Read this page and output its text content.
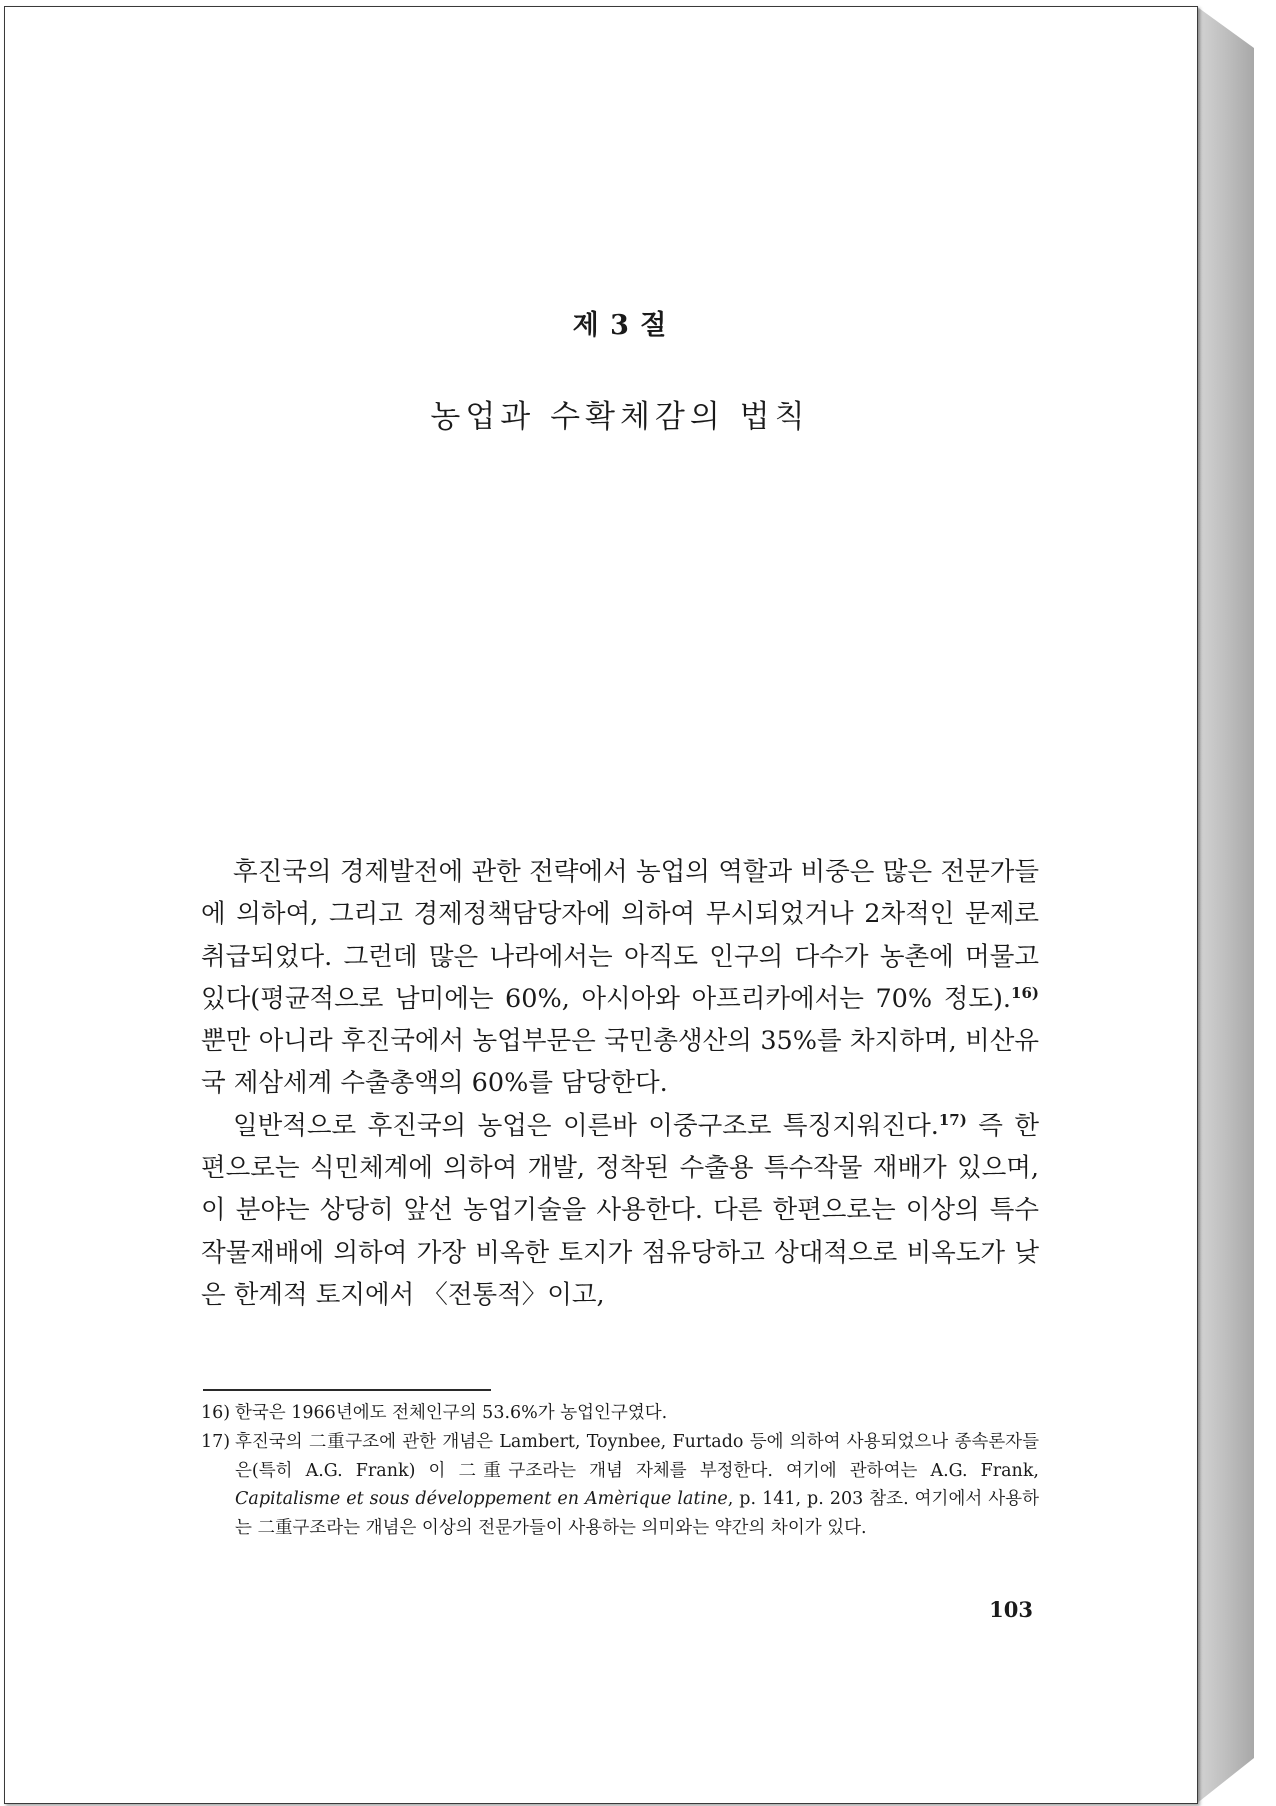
제 3 절
농업과 수확체감의 법칙

후진국의 경제발전에 관한 전략에서 농업의 역할과 비중은 많은 전문가들에 의하여, 그리고 경제정책담당자에 의하여 무시되었거나 2차적인 문제로 취급되었다. 그런데 많은 나라에서는 아직도 인구의 다수가 농촌에 머물고 있다(평균적으로 남미에는 60%, 아시아와 아프리카에서는 70% 정도).$^{16)}$ 뿐만 아니라 후진국에서 농업부문은 국민총생산의 35%를 차지하며, 비산유국 제삼세계 수출총액의 60%를 담당한다.

일반적으로 후진국의 농업은 이른바 이중구조로 특징지워진다.$^{17)}$ 즉 한편으로는 식민체계에 의하여 개발, 정착된 수출용 특수작물 재배가 있으며, 이 분야는 상당히 앞선 농업기술을 사용한다. 다른 한편으로는 이상의 특수작물재배에 의하여 가장 비옥한 토지가 점유당하고 상대적으로 비옥도가 낮은 한계적 토지에서 〈전통적〉이고,

16) 한국은 1966년에도 전체인구의 53.6%가 농업인구였다.
17) 후진국의 二重구조에 관한 개념은 Lambert, Toynbee, Furtado 등에 의하여 사용되었으나 종속론자들은(특히 A.G. Frank) 이 二重구조라는 개념 자체를 부정한다. 여기에 관하여는 A.G. Frank, Capitalisme et sous développement en Amèrique latine, p. 141, p. 203 참조. 여기에서 사용하는 二重구조라는 개념은 이상의 전문가들이 사용하는 의미와는 약간의 차이가 있다.
103
